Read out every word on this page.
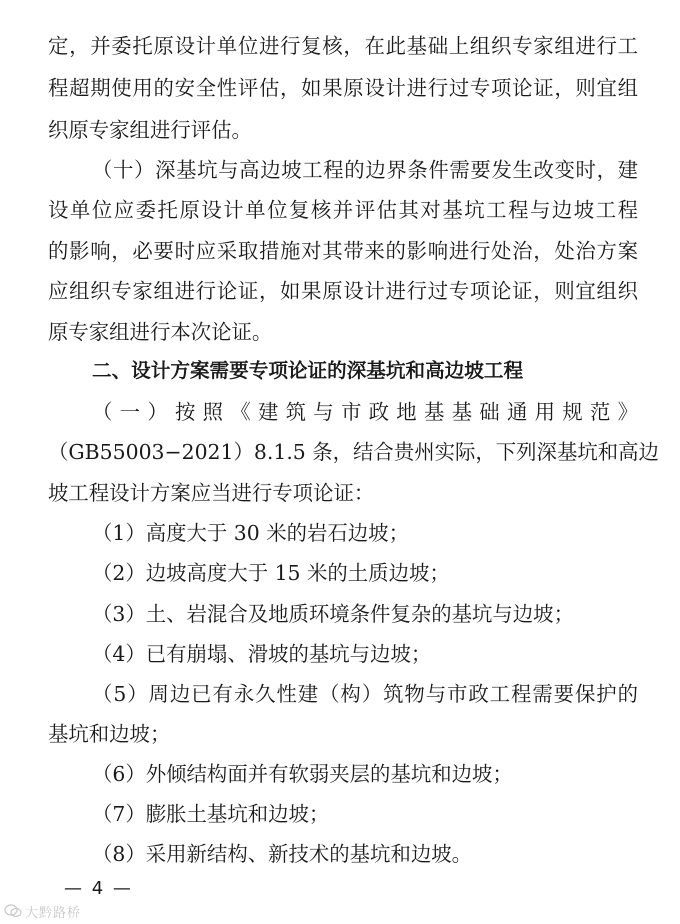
定，并委托原设计单位进行复核，在此基础上组织专家组进行工
程超期使用的安全性评估，如果原设计进行过专项论证，则宜组
织原专家组进行评估。
（十）深基坑与高边坡工程的边界条件需要发生改变时，建
设单位应委托原设计单位复核并评估其对基坑工程与边坡工程
的影响，必要时应采取措施对其带来的影响进行处治，处治方案
应组织专家组进行论证，如果原设计进行过专项论证，则宜组织
原专家组进行本次论证。
二、设计方案需要专项论证的深基坑和高边坡工程
（一）按照《建筑与市政地基基础通用规范》
（GB55003−2021）8.1.5 条，结合贵州实际，下列深基坑和高边
坡工程设计方案应当进行专项论证：
（1）高度大于 30 米的岩石边坡；
（2）边坡高度大于 15 米的土质边坡；
（3）土、岩混合及地质环境条件复杂的基坑与边坡；
（4）已有崩塌、滑坡的基坑与边坡；
（5）周边已有永久性建（构）筑物与市政工程需要保护的
基坑和边坡；
（6）外倾结构面并有软弱夹层的基坑和边坡；
（7）膨胀土基坑和边坡；
（8）采用新结构、新技术的基坑和边坡。
— 4 —
大黔路桥
